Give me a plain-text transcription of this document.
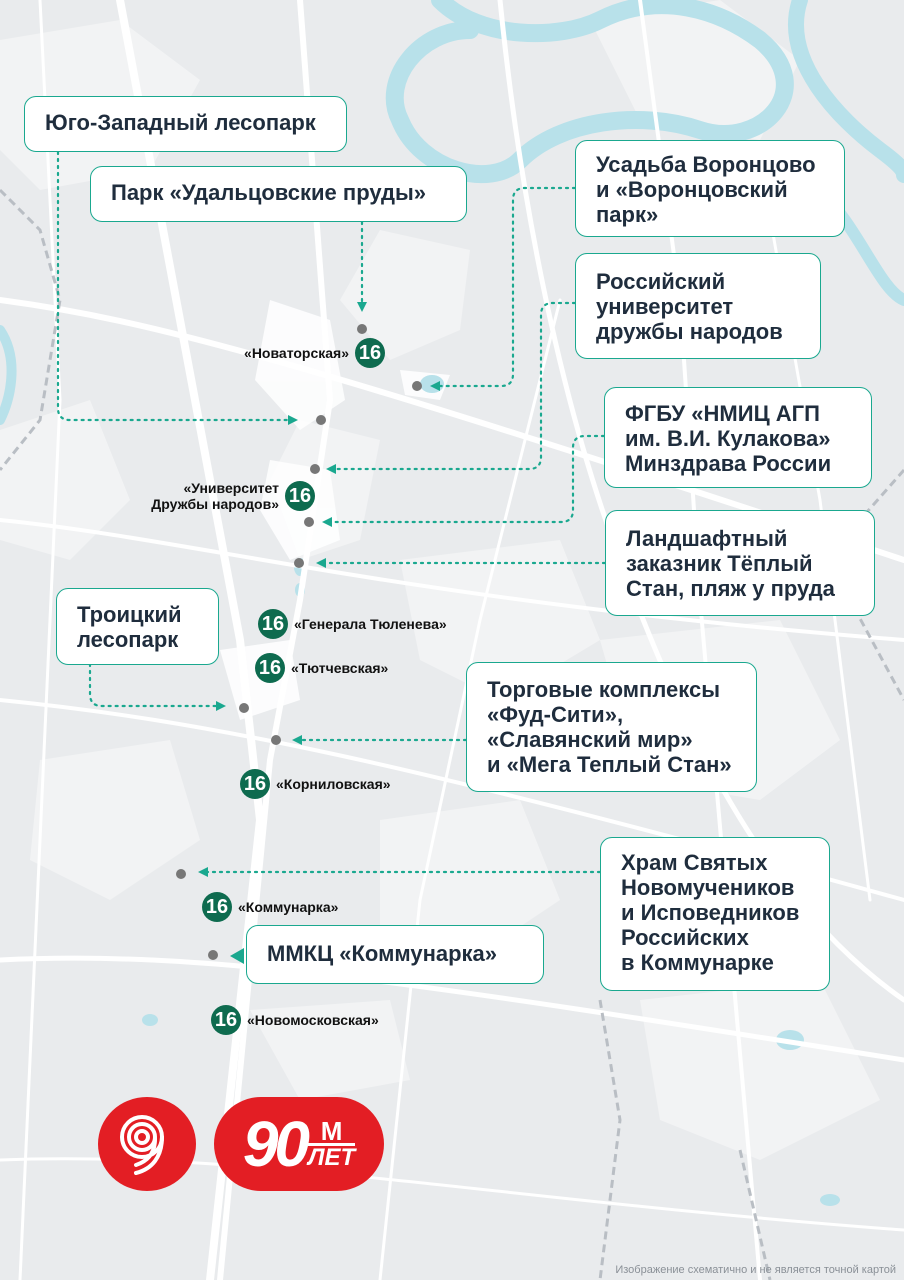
Юго-Западный лесопарк
Парк «Удальцовские пруды»
Усадьба Воронцово
и «Воронцовский
парк»
Российский
университет
дружбы народов
ФГБУ «НМИЦ АГП
им. В.И. Кулакова»
Минздрава России
Ландшафтный
заказник Тёплый
Стан, пляж у пруда
Троицкий
лесопарк
Торговые комплексы
«Фуд-Сити»,
«Славянский мир»
и «Мега Теплый Стан»
Храм Святых
Новомучеников
и Исповедников
Российских
в Коммунарке
ММКЦ «Коммунарка»
16
«Новаторская»
16
«Университет
Дружбы народов»
16 «Генерала Тюленева»
16 «Тютчевская»
16 «Корниловская»
16 «Коммунарка»
16 «Новомосковская»
90 М
ЛЕТ
Изображение схематично и не является точной картой
